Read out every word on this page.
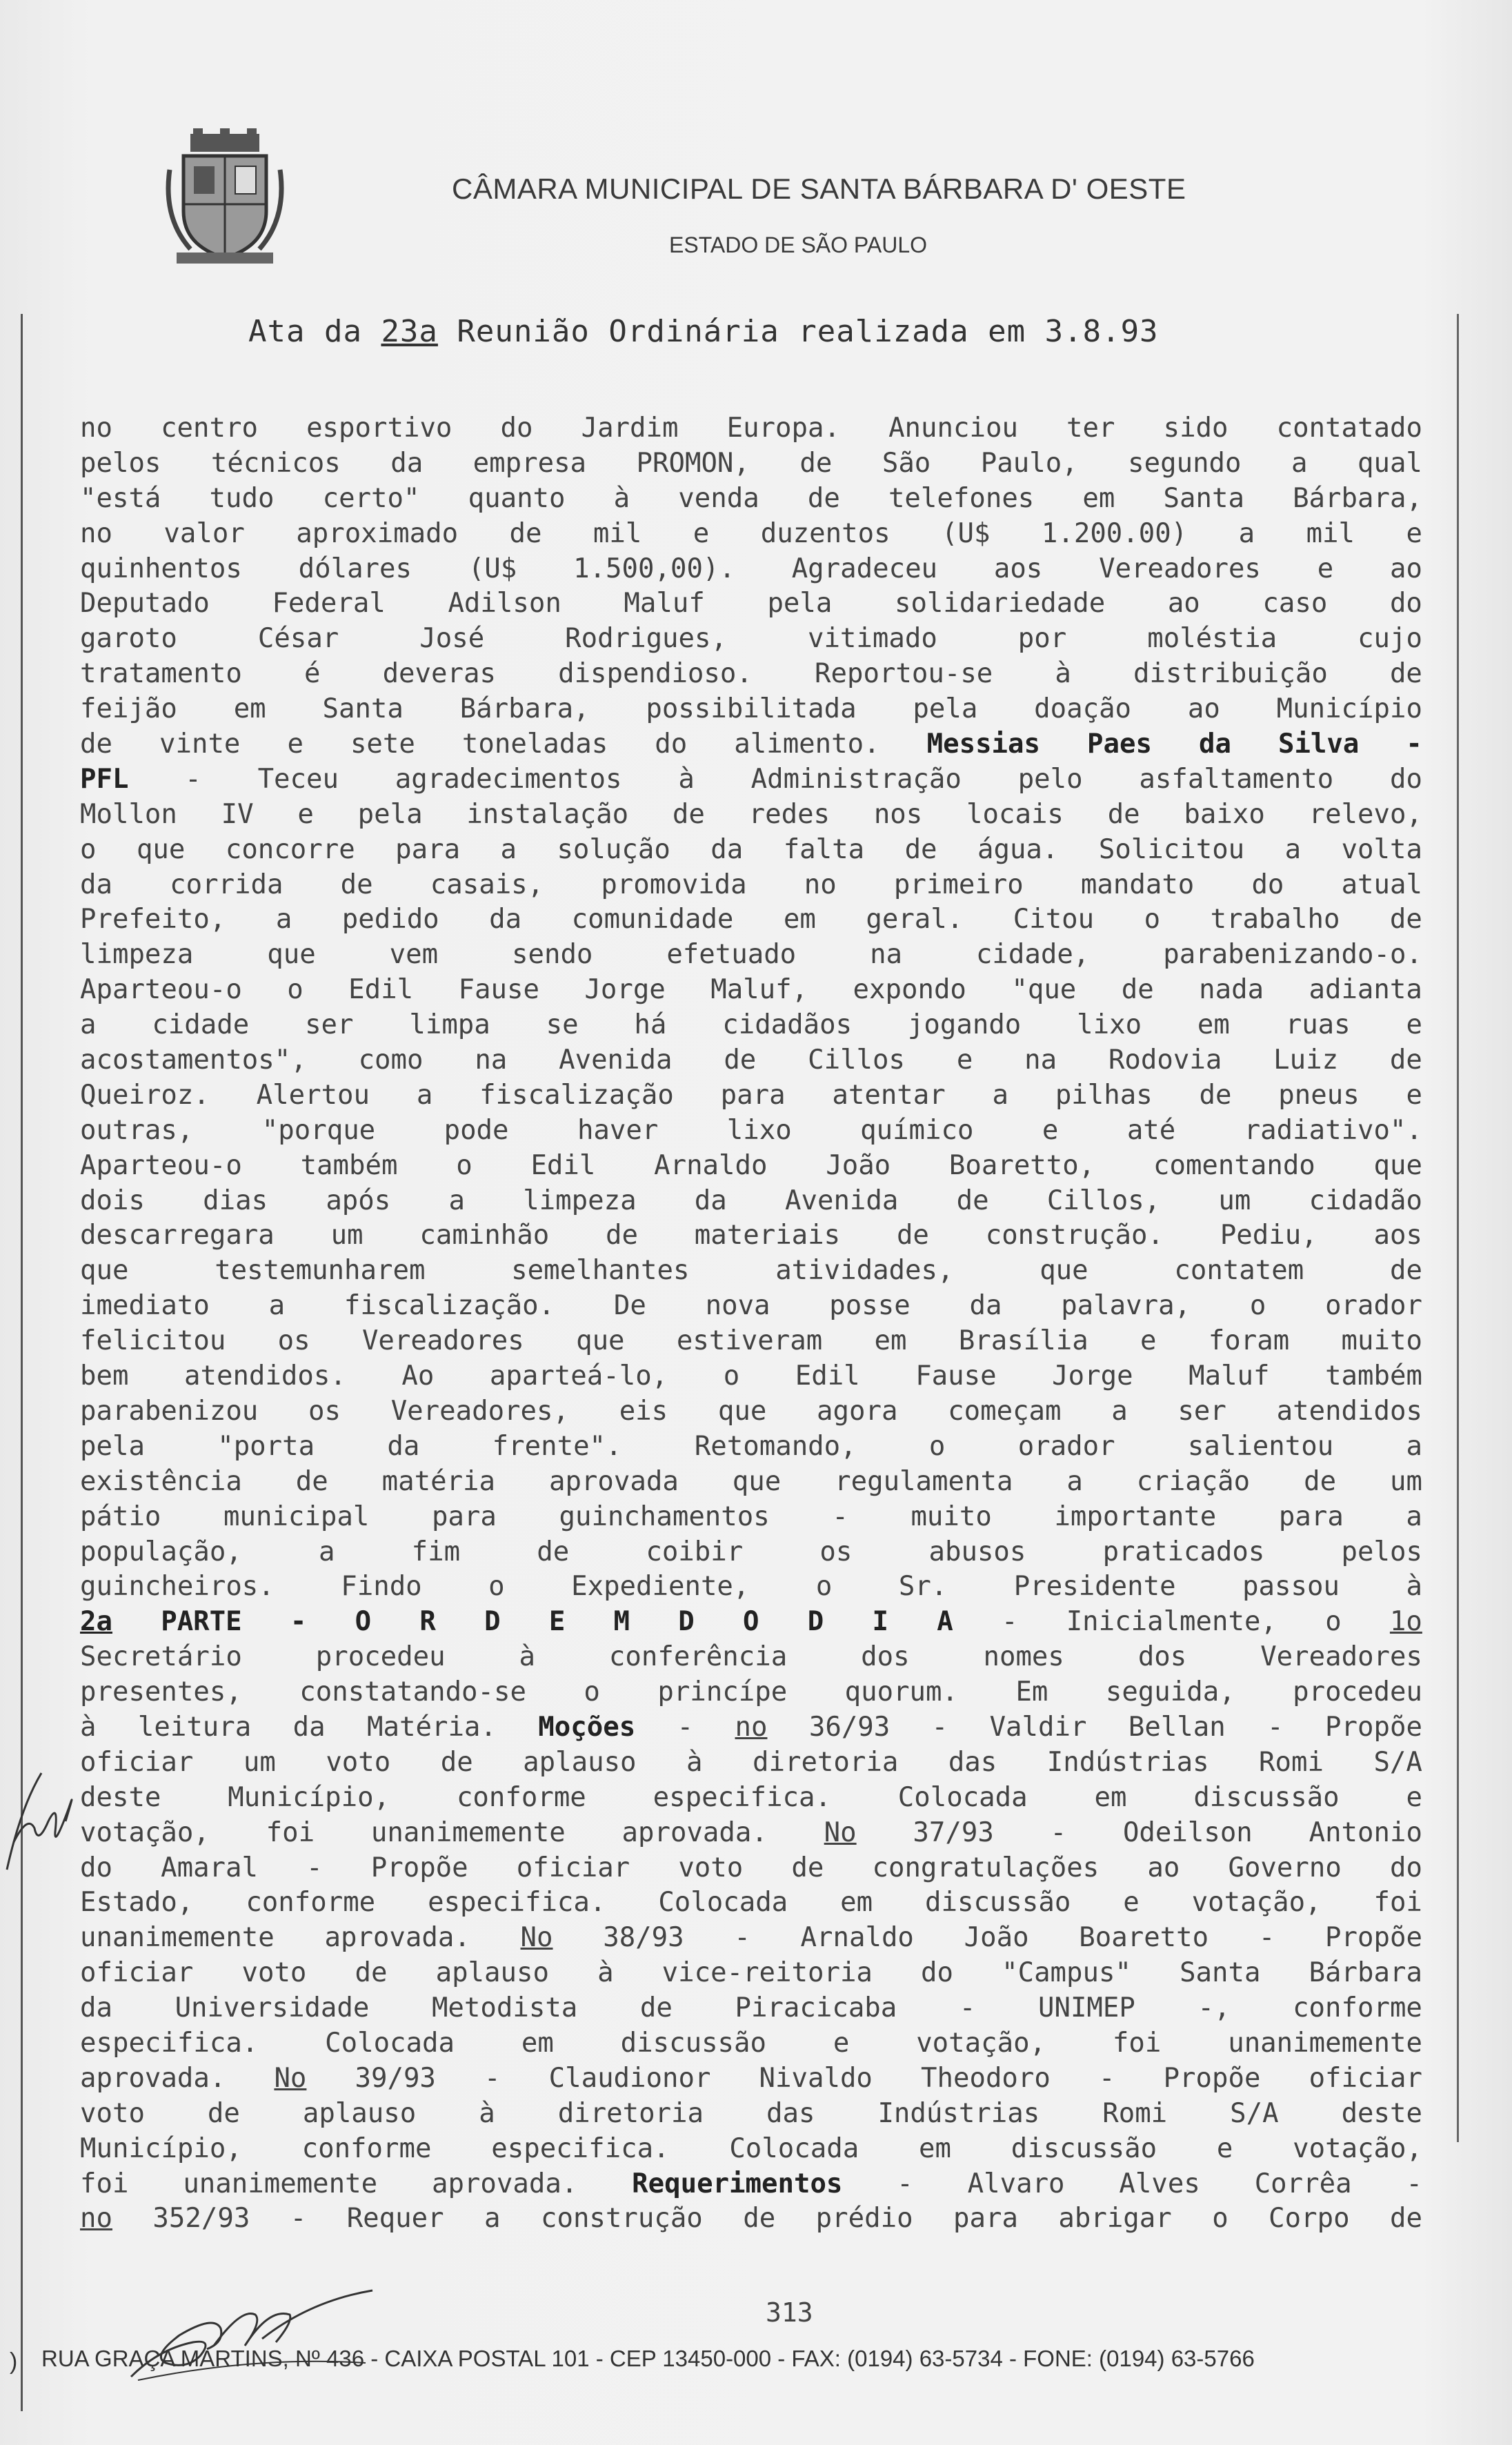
CÂMARA MUNICIPAL DE SANTA BÁRBARA D' OESTE
ESTADO DE SÃO PAULO
Ata da 23a Reunião Ordinária realizada em 3.8.93
no centro esportivo do Jardim Europa. Anunciou ter sido contatado
pelos técnicos da empresa PROMON, de São Paulo, segundo a qual
"está tudo certo" quanto à venda de telefones em Santa Bárbara,
no valor aproximado de mil e duzentos (U$ 1.200.00) a mil e
quinhentos dólares (U$ 1.500,00). Agradeceu aos Vereadores e ao
Deputado Federal Adilson Maluf pela solidariedade ao caso do
garoto	César	José	Rodrigues,	vitimado	por	moléstia	cujo
tratamento é deveras dispendioso. Reportou-se à distribuição de
feijão em Santa Bárbara, possibilitada pela doação ao Município
de vinte e sete toneladas do alimento. Messias Paes da Silva -
PFL - Teceu agradecimentos à Administração pelo asfaltamento do
Mollon IV e pela instalação de redes nos locais de baixo relevo,
o que concorre para a solução da falta de água. Solicitou a volta
da corrida de casais, promovida no primeiro mandato do atual
Prefeito, a pedido da comunidade em geral. Citou o trabalho de
limpeza	que	vem	sendo	efetuado	na	cidade,	parabenizando-o.
Aparteou-o o Edil Fause Jorge Maluf, expondo "que de nada adianta
a cidade ser limpa se há cidadãos jogando lixo em ruas e
acostamentos", como na Avenida de Cillos e na Rodovia Luiz de
Queiroz. Alertou a fiscalização para atentar a pilhas de pneus e
outras,	"porque	pode	haver	lixo	químico	e	até	radiativo".
Aparteou-o também o Edil Arnaldo João Boaretto, comentando que
dois dias após a limpeza da Avenida de Cillos, um cidadão
descarregara um caminhão de materiais de construção. Pediu, aos
que	testemunharem	semelhantes	atividades,	que	contatem	de
imediato a fiscalização. De nova posse da palavra, o orador
felicitou os Vereadores que estiveram em Brasília e foram muito
bem atendidos. Ao aparteá-lo, o Edil Fause Jorge Maluf também
parabenizou os Vereadores, eis que agora começam a ser atendidos
pela	"porta	da	frente".	Retomando,	o	orador	salientou	a
existência de matéria aprovada que regulamenta a criação de um
pátio municipal para guinchamentos - muito importante para a
população,	a	fim	de	coibir	os	abusos	praticados	pelos
guincheiros. Findo o Expediente, o Sr. Presidente passou à
2a PARTE - O R D E M D O D I A - Inicialmente, o 1o
Secretário	procedeu	à	conferência	dos	nomes	dos	Vereadores
presentes, constatando-se o princípe quorum. Em seguida, procedeu
à leitura da Matéria. Moções - no 36/93 - Valdir Bellan - Propõe
oficiar um voto de aplauso à diretoria das Indústrias Romi S/A
deste Município, conforme especifica. Colocada em discussão e
votação, foi unanimemente aprovada. No 37/93 - Odeilson Antonio
do Amaral - Propõe oficiar voto de congratulações ao Governo do
Estado, conforme especifica. Colocada em discussão e votação, foi
unanimemente aprovada. No 38/93 - Arnaldo João Boaretto - Propõe
oficiar voto de aplauso à vice-reitoria do "Campus" Santa Bárbara
da Universidade Metodista de Piracicaba - UNIMEP -, conforme
especifica. Colocada em discussão e votação, foi unanimemente
aprovada. No 39/93 - Claudionor Nivaldo Theodoro - Propõe oficiar
voto de aplauso à diretoria das Indústrias Romi S/A deste
Município, conforme especifica. Colocada em discussão e votação,
foi unanimemente aprovada. Requerimentos - Alvaro Alves Corrêa -
no 352/93 - Requer a construção de prédio para abrigar o Corpo de
313
) RUA GRAÇA MARTINS, Nº 436 - CAIXA POSTAL 101 - CEP 13450-000 - FAX: (0194) 63-5734 - FONE: (0194) 63-5766
